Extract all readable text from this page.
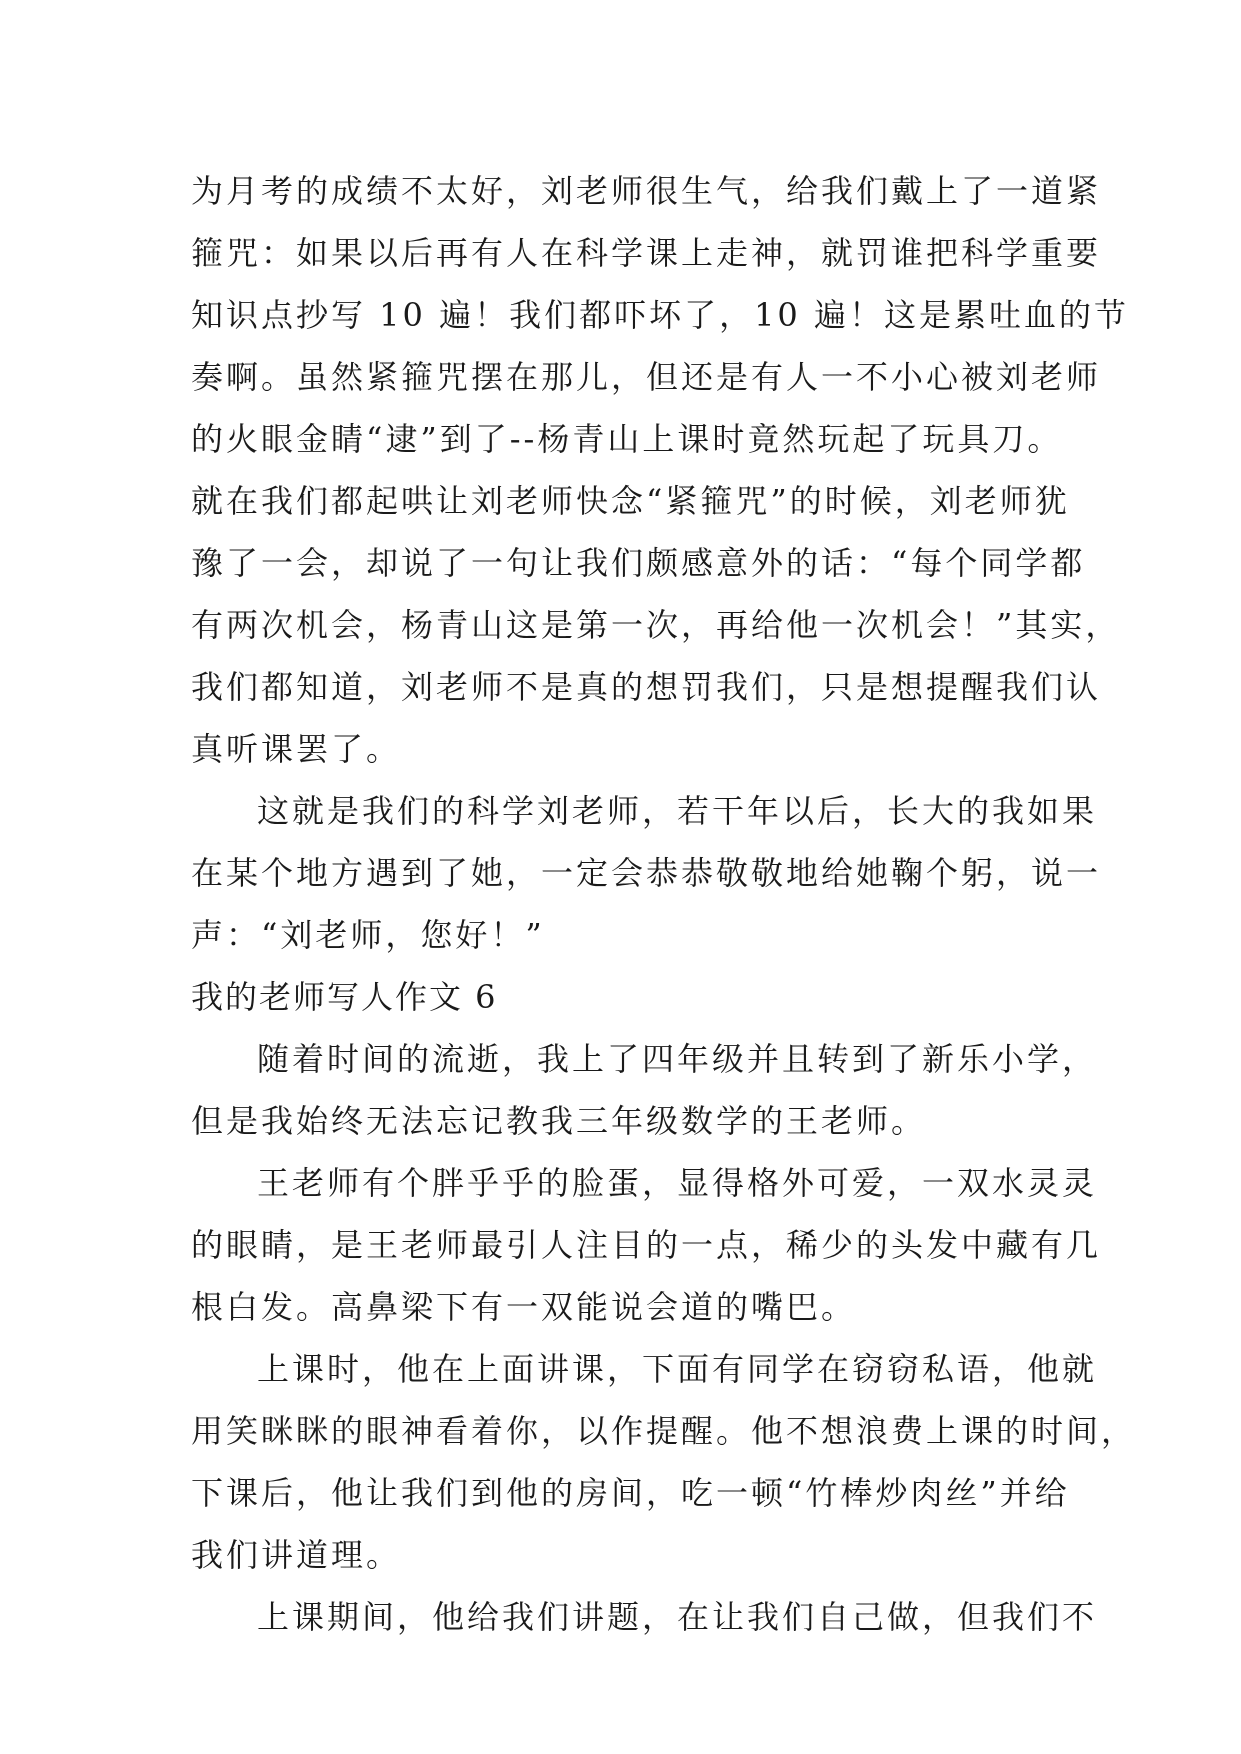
为月考的成绩不太好，刘老师很生气，给我们戴上了一道紧
箍咒：如果以后再有人在科学课上走神，就罚谁把科学重要
知识点抄写 10 遍！我们都吓坏了，10 遍！这是累吐血的节
奏啊。虽然紧箍咒摆在那儿，但还是有人一不小心被刘老师
的火眼金睛“逮”到了--杨青山上课时竟然玩起了玩具刀。
就在我们都起哄让刘老师快念“紧箍咒”的时候，刘老师犹
豫了一会，却说了一句让我们颇感意外的话：“每个同学都
有两次机会，杨青山这是第一次，再给他一次机会！”其实，
我们都知道，刘老师不是真的想罚我们，只是想提醒我们认
真听课罢了。
这就是我们的科学刘老师，若干年以后，长大的我如果
在某个地方遇到了她，一定会恭恭敬敬地给她鞠个躬，说一
声：“刘老师，您好！”
我的老师写人作文 6
随着时间的流逝，我上了四年级并且转到了新乐小学，
但是我始终无法忘记教我三年级数学的王老师。
王老师有个胖乎乎的脸蛋，显得格外可爱，一双水灵灵
的眼睛，是王老师最引人注目的一点，稀少的头发中藏有几
根白发。高鼻梁下有一双能说会道的嘴巴。
上课时，他在上面讲课，下面有同学在窃窃私语，他就
用笑眯眯的眼神看着你，以作提醒。他不想浪费上课的时间，
下课后，他让我们到他的房间，吃一顿“竹棒炒肉丝”并给
我们讲道理。
上课期间，他给我们讲题，在让我们自己做，但我们不
